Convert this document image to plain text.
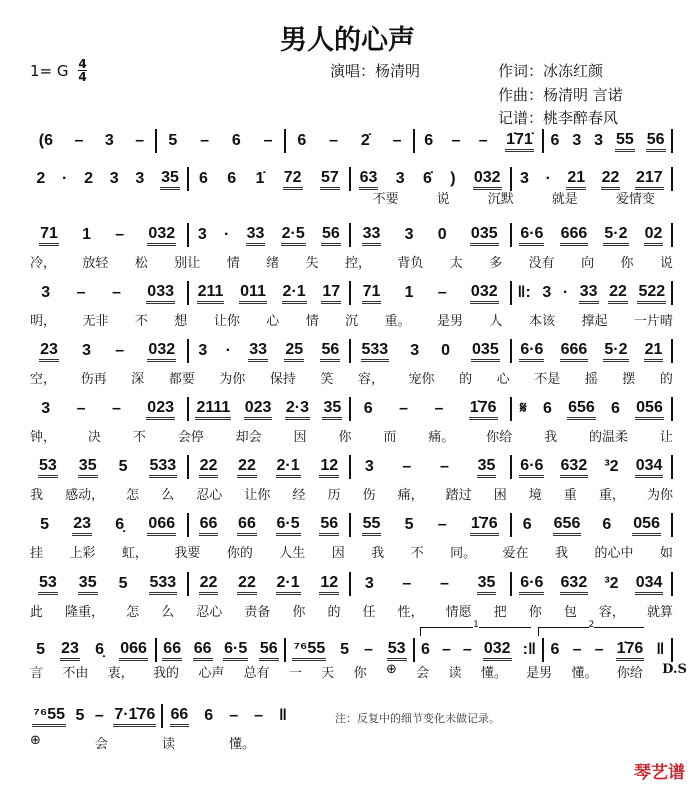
男人的心声
1= G 4
4	演唱：杨清明	作词：冰冻红颜
作曲：杨清明 言诺
记谱：桃李醉春风
(6 – 3 – 5 – 6 – 6 – 2̇ – 6 – – 1̇71̇ 6 3 3 55 56
2 · 2 3 3 35 6 6 1̇ 72 57 63 3 6̇ ) 032 3 · 21 22 217
不要	说	沉默	就是	爱情变
71 1 – 032 3 · 33 2·5 56 33 3 0 035 6·6 666 5·2 02
冷， 放轻 松 别让 情 绪 失 控， 背负 太 多 没有 向 你 说
3 – – 033 211 011 2·1 17 71 1 – 032 ‖: 3 · 33 22 522
明， 无非 不 想 让你 心 情 沉 重。 是男 人 本该 撑起 一片晴
23 3 – 032 3 · 33 25 56 533 3 0 035 6·6 666 5·2 21
空， 伤再 深 都要 为你 保持 笑 容， 宠你 的 心 不是 摇 摆 的
3 – – 023 2111 023 2·3 35 6 – – 1̇76 𝄋 6 656 6 056
钟， 决 不 会停 却会 因 你 而 痛。 你给 我 的温柔 让
53 35 5 533 22 22 2·1 12 3 – – 35 6·6 632 ³2 034
我 感动， 怎 么 忍心 让你 经 历 伤 痛， 踏过 困 境 重 重， 为你
5 23 6̣ 066 66 66 6·5 56 55 5 – 1̇76 6 656 6 056
挂 上彩 虹， 我要 你的 人生 因 我 不 同。 爱在 我 的心中 如
53 35 5 533 22 22 2·1 12 3 – – 35 6·6 632 ³2 034
此 隆重， 怎 么 忍心 责备 你 的 任 性， 情愿 把 你 包 容， 就算
5 23 6̣ 066 66 66 6·5 56 ⁷⁶55 5 – 53 6 – – 032 :‖ 6 – – 1̇76 ‖
言 不由 衷， 我的 心声 总有 一 天 你 ⊕ 会 读 懂。 是男 懂。 你给 D.S
⁷⁶55 5 – 7·1̇76 66 6 – – ‖
⊕	会	读	懂。
1	2
注：反复中的细节变化未做记录。
琴艺谱
